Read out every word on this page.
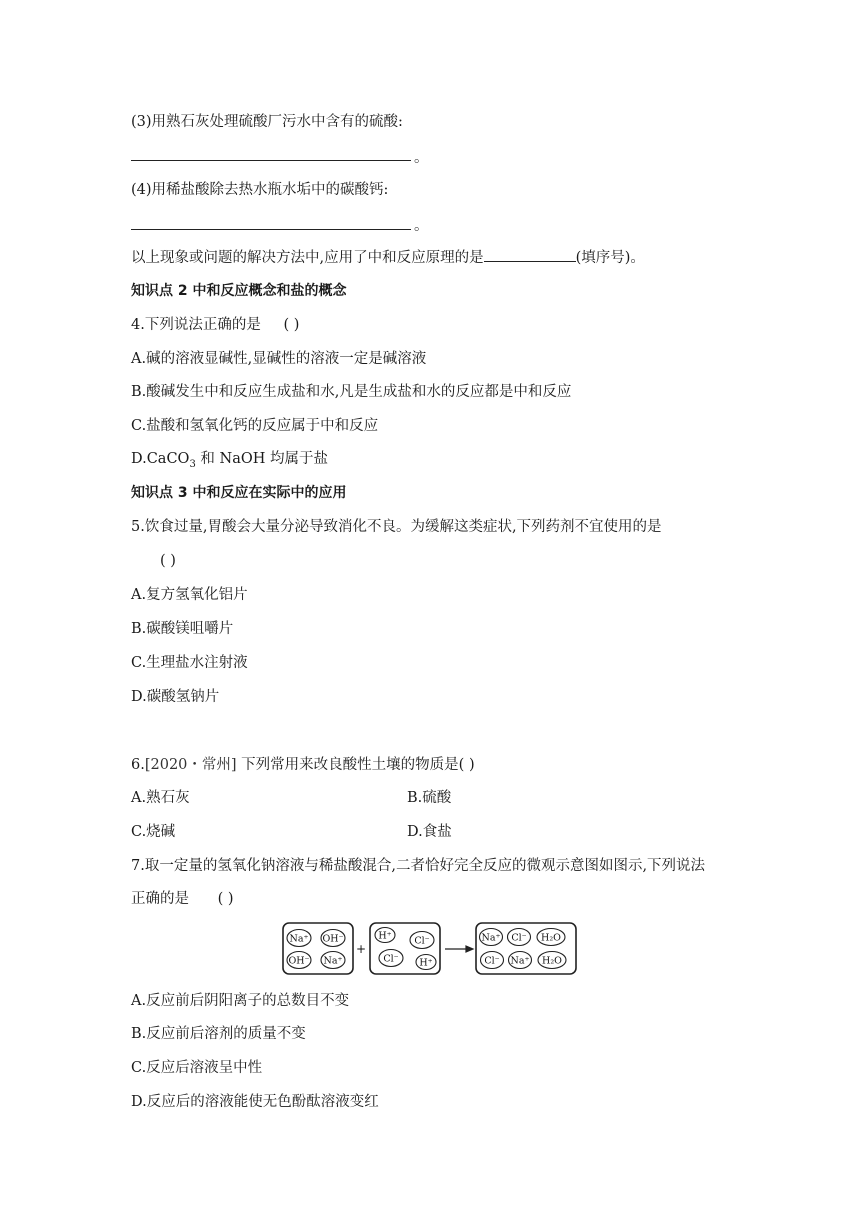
(3)用熟石灰处理硫酸厂污水中含有的硫酸:
。
(4)用稀盐酸除去热水瓶水垢中的碳酸钙:
。
以上现象或问题的解决方法中,应用了中和反应原理的是	(填序号)。
知识点 2 中和反应概念和盐的概念
4.下列说法正确的是 ( )
A.碱的溶液显碱性,显碱性的溶液一定是碱溶液
B.酸碱发生中和反应生成盐和水,凡是生成盐和水的反应都是中和反应
C.盐酸和氢氧化钙的反应属于中和反应
D.CaCO$_3$ 和 NaOH 均属于盐
知识点 3 中和反应在实际中的应用
5.饮食过量,胃酸会大量分泌导致消化不良。为缓解这类症状,下列药剂不宜使用的是
( )
A.复方氢氧化铝片
B.碳酸镁咀嚼片
C.生理盐水注射液
D.碳酸氢钠片
6.[2020・常州] 下列常用来改良酸性土壤的物质是( )
A.熟石灰	B.硫酸
C.烧碱	D.食盐
7.取一定量的氢氧化钠溶液与稀盐酸混合,二者恰好完全反应的微观示意图如图示,下列说法
正确的是 ( )
Na⁺ OH⁻
OH⁻ Na⁺
+
H⁺ Cl⁻
Cl⁻ H⁺
Na⁺ Cl⁻ H₂O
Cl⁻ Na⁺ H₂O
A.反应前后阴阳离子的总数目不变
B.反应前后溶剂的质量不变
C.反应后溶液呈中性
D.反应后的溶液能使无色酚酞溶液变红
